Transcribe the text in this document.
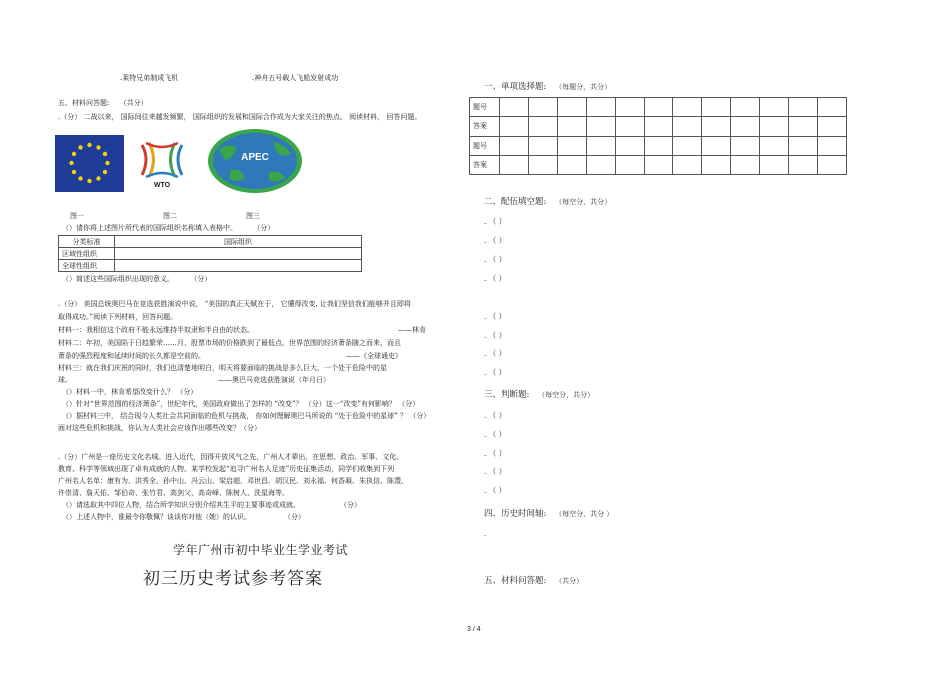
.莱特兄弟制成飞机	.神舟五号载人飞船发射成功
五、材料问答题: （共分）
.（分） 二战以来， 国际间往来越发频繁， 国际组织的发展和国际合作成为大家关注的焦点。 阅读材料， 回答问题。
WTO
APEC
图一	图二	图三
（）请你将上述图片所代表的国际组织名称填入表格中。 （分）
分类标准	国际组织
区域性组织	
全球性组织	
（）简述这些国际组织出现的意义。 （分）
.（分） 美国总统奥巴马在竞选获胜演说中说， “美国的真正天赋在于， 它懂得改变, 让我们坚信我们能够并且即将
取得成功。”阅读下列材料，回答问题。
材料一：我相信这个政府不能永远维持半奴隶和半自由的状态。	——林肯
材料二：年初，美国陷于日趋繁荣……月，股票市场的价格跌到了最低点，世界范围的经济萧条随之而来，而且
萧条的强烈程度和延续时间的长久都是空前的。	——《全球通史》
材料三：就在我们庆祝的同时，我们也清楚地明白，明天将要面临的挑战是多么巨大，一个处于危险中的星
球。	——奥巴马竞选获胜演说（年月日）
（）材料一中，林肯希望改变什么？ （分）
（）针对“世界范围的经济萧条”，世纪年代，美国政府做出了怎样的 “改变”？ （分）这一“改变”有何影响？ （分）
（）据材料三中， 结合现今人类社会共同面临的危机与挑战， 你如何理解奥巴马所说的 “处于危险中的星球” ？ （分）
面对这些危机和挑战，你认为人类社会应该作出哪些改变？（分）
.（分）广州是一座历史文化名城。进入近代，因得开放风气之先，广州人才辈出，在思想、政治、军事、文化、
教育、科学等领域出现了卓有成就的人物。某学校发起“追寻广州名人足迹”历史征集活动，同学们收集到下列
广州名人名单：康有为、洪秀全、孙中山、冯云山、梁启超、邓世昌、胡汉民、刘永福、何香凝、朱执信、陈澧、
许崇清、詹天佑、邹伯奇、张竹君、高剑父、高奇峰、陈树人、洗星海等。
（）请选取其中四位人物，结合所学知识分别介绍其生平的主要事迹或成就。	（分）
（）上述人物中，谁最令你敬佩？谈谈你对他（她）的认识。	（分）
学年广州市初中毕业生学业考试
初三历史考试参考答案
一、单项选择题: （每题分，共分）
题号												
答案												
题号												
答案												
二、配伍填空题: （每空分，共分）
. （ ）
. （ ）
. （ ）
. （ ）
. （ ）
. （ ）
. （ ）
. （ ）
三、判断题: （每空分，共分）
. （ ）
. （ ）
. （ ）
. （ ）
. （ ）
四、历史时间轴: （每空分，共分 ）
.
五、材料问答题: （共分）
3 / 4
